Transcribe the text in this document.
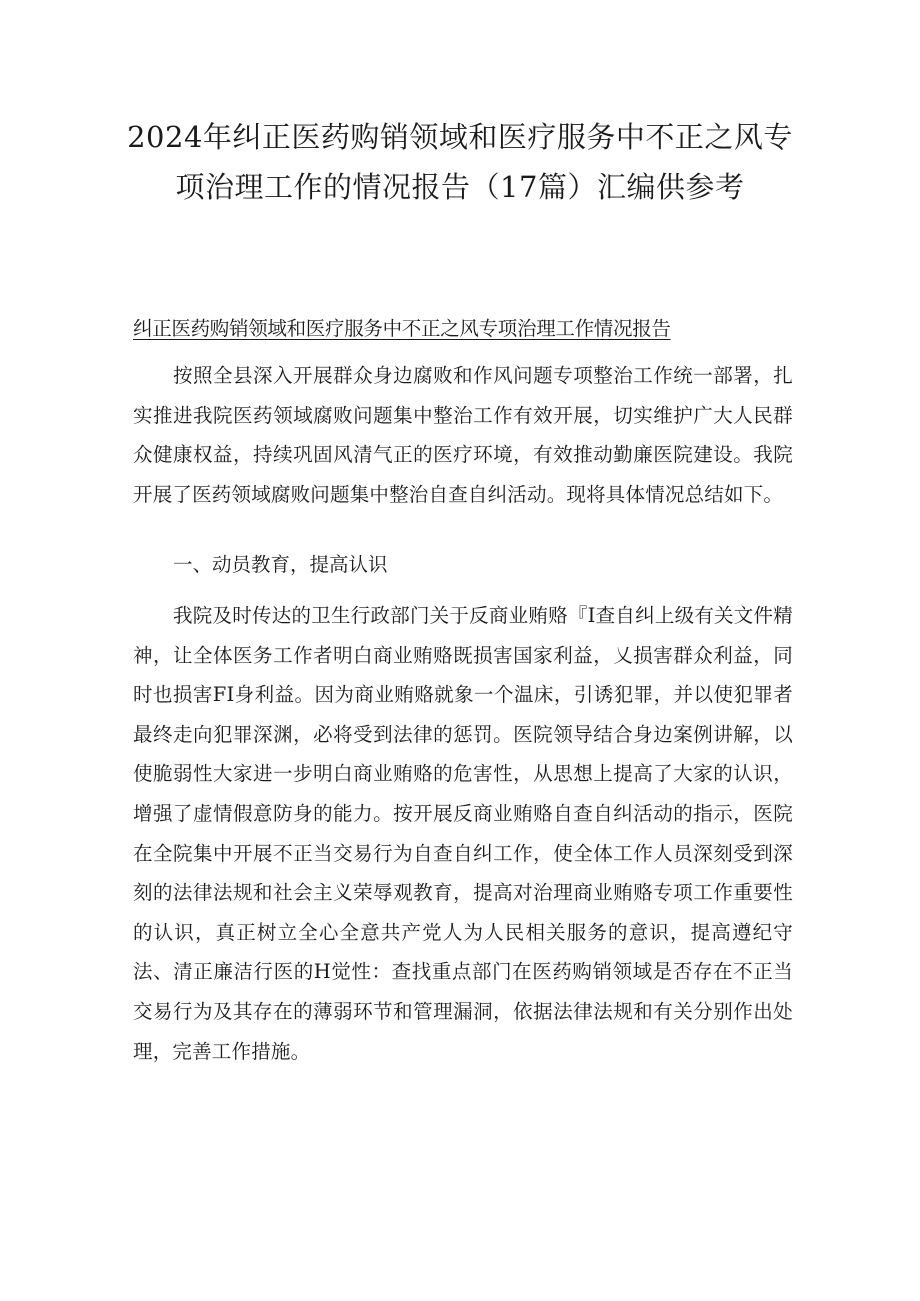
2024年纠正医药购销领域和医疗服务中不正之风专项治理工作的情况报告（17篇）汇编供参考
纠正医药购销领域和医疗服务中不正之风专项治理工作情况报告

按照全县深入开展群众身边腐败和作风问题专项整治工作统一部署，扎实推进我院医药领域腐败问题集中整治工作有效开展，切实维护广大人民群众健康权益，持续巩固风清气正的医疗环境，有效推动勤廉医院建设。我院开展了医药领域腐败问题集中整治自查自纠活动。现将具体情况总结如下。

一、动员教育，提高认识

我院及时传达的卫生行政部门关于反商业贿赂『I查自纠上级有关文件精神，让全体医务工作者明白商业贿赂既损害国家利益，乂损害群众利益，同时也损害FI身利益。因为商业贿赂就象一个温床，引诱犯罪，并以使犯罪者最终走向犯罪深渊，必将受到法律的惩罚。医院领导结合身边案例讲解，以使脆弱性大家进一步明白商业贿赂的危害性，从思想上提高了大家的认识，增强了虚情假意防身的能力。按开展反商业贿赂自查自纠活动的指示，医院在全院集中开展不正当交易行为自查自纠工作，使全体工作人员深刻受到深刻的法律法规和社会主义荣辱观教育，提高对治理商业贿赂专项工作重要性的认识，真正树立全心全意共产党人为人民相关服务的意识，提高遵纪守法、清正廉洁行医的H觉性：查找重点部门在医药购销领域是否存在不正当交易行为及其存在的薄弱环节和管理漏洞，依据法律法规和有关分别作出处理，完善工作措施。
